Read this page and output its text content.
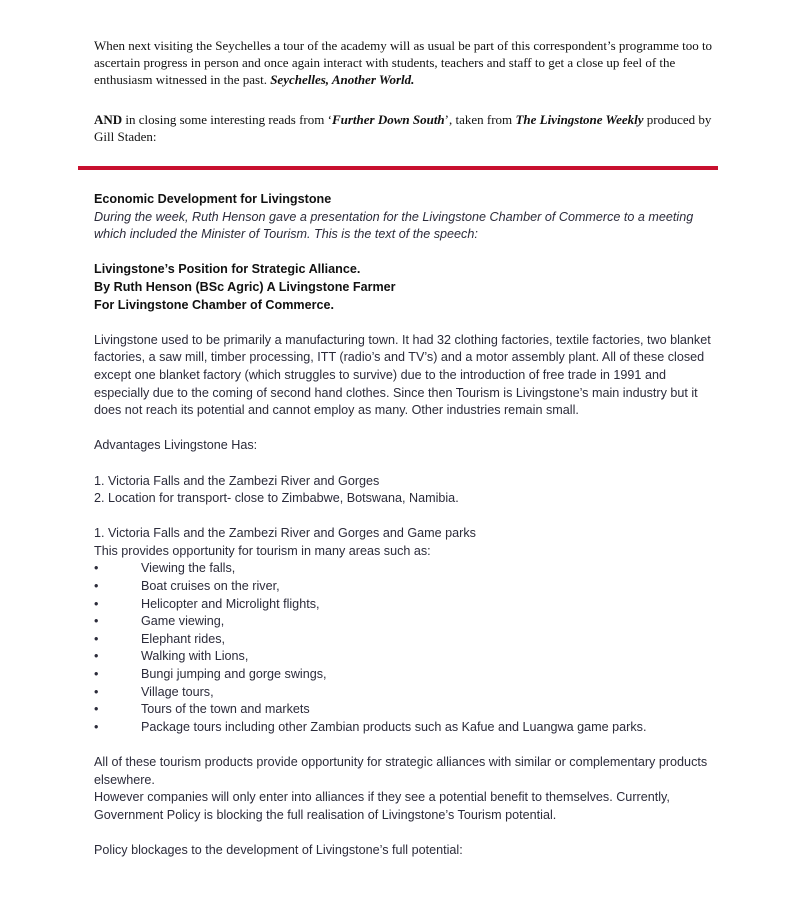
When next visiting the Seychelles a tour of the academy will as usual be part of this correspondent’s programme too to ascertain progress in person and once again interact with students, teachers and staff to get a close up feel of the enthusiasm witnessed in the past. Seychelles, Another World.

AND in closing some interesting reads from ‘Further Down South’, taken from The Livingstone Weekly produced by Gill Staden:

Economic Development for Livingstone

During the week, Ruth Henson gave a presentation for the Livingstone Chamber of Commerce to a meeting which included the Minister of Tourism. This is the text of the speech:

Livingstone’s Position for Strategic Alliance.

By Ruth Henson (BSc Agric) A Livingstone Farmer

For Livingstone Chamber of Commerce.

Livingstone used to be primarily a manufacturing town. It had 32 clothing factories, textile factories, two blanket factories, a saw mill, timber processing, ITT (radio’s and TV’s) and a motor assembly plant. All of these closed except one blanket factory (which struggles to survive) due to the introduction of free trade in 1991 and especially due to the coming of second hand clothes. Since then Tourism is Livingstone’s main industry but it does not reach its potential and cannot employ as many. Other industries remain small.

Advantages Livingstone Has:

1. Victoria Falls and the Zambezi River and Gorges

2. Location for transport- close to Zimbabwe, Botswana, Namibia.

1. Victoria Falls and the Zambezi River and Gorges and Game parks

This provides opportunity for tourism in many areas such as:

• Viewing the falls,
• Boat cruises on the river,
• Helicopter and Microlight flights,
• Game viewing,
• Elephant rides,
• Walking with Lions,
• Bungi jumping and gorge swings,
• Village tours,
• Tours of the town and markets
• Package tours including other Zambian products such as Kafue and Luangwa game parks.

All of these tourism products provide opportunity for strategic alliances with similar or complementary products elsewhere.

However companies will only enter into alliances if they see a potential benefit to themselves. Currently, Government Policy is blocking the full realisation of Livingstone’s Tourism potential.

Policy blockages to the development of Livingstone’s full potential:
